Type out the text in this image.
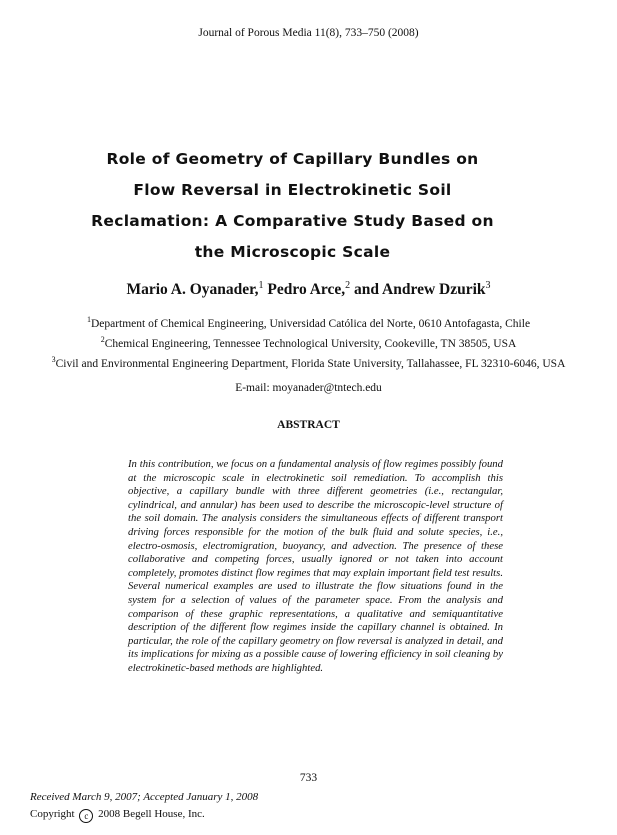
Journal of Porous Media 11(8), 733–750 (2008)
Role of Geometry of Capillary Bundles on
Flow Reversal in Electrokinetic Soil
Reclamation: A Comparative Study Based on
the Microscopic Scale
Mario A. Oyanader,$^1$ Pedro Arce,$^2$ and Andrew Dzurik$^3$
$^1$Department of Chemical Engineering, Universidad Católica del Norte, 0610 Antofagasta, Chile
$^2$Chemical Engineering, Tennessee Technological University, Cookeville, TN 38505, USA
$^3$Civil and Environmental Engineering Department, Florida State University, Tallahassee, FL 32310-6046, USA
E-mail: moyanader@tntech.edu
ABSTRACT
In this contribution, we focus on a fundamental analysis of flow regimes possibly found at the microscopic scale in electrokinetic soil remediation. To accomplish this objective, a capillary bundle with three different geometries (i.e., rectangular, cylindrical, and annular) has been used to describe the microscopic-level structure of the soil domain. The analysis considers the simultaneous effects of different transport driving forces responsible for the motion of the bulk fluid and solute species, i.e., electro-osmosis, electromigration, buoyancy, and advection. The presence of these collaborative and competing forces, usually ignored or not taken into account completely, promotes distinct flow regimes that may explain important field test results. Several numerical examples are used to illustrate the flow situations found in the system for a selection of values of the parameter space. From the analysis and comparison of these graphic representations, a qualitative and semiquantitative description of the different flow regimes inside the capillary channel is obtained. In particular, the role of the capillary geometry on flow reversal is analyzed in detail, and its implications for mixing as a possible cause of lowering efficiency in soil cleaning by electrokinetic-based methods are highlighted.
733
Received March 9, 2007; Accepted January 1, 2008
Copyright c 2008 Begell House, Inc.
